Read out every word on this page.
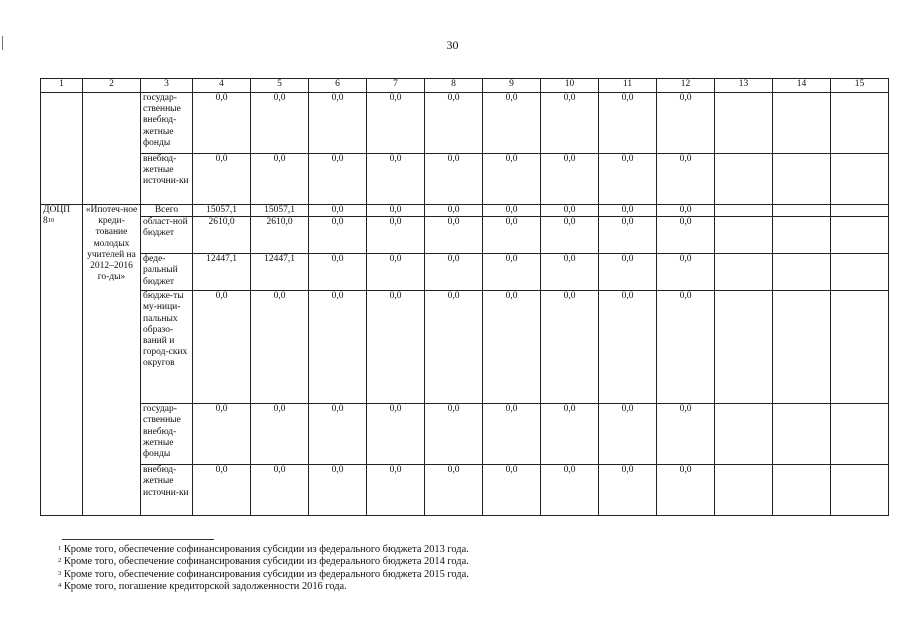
30
1	2	3	4	5	6	7	8	9	10	11	12	13	14	15
		государ-ственные внебюд-жетные фонды	0,0	0,0	0,0	0,0	0,0	0,0	0,0	0,0	0,0			
		внебюд-жетные источни-ки	0,0	0,0	0,0	0,0	0,0	0,0	0,0	0,0	0,0			
ДОЦП $8^{10}$	«Ипотеч-ное креди-тование молодых учителей на 2012–2016 го-ды»	Всего	15057,1	15057,1	0,0	0,0	0,0	0,0	0,0	0,0	0,0			
		област-ной бюджет	2610,0	2610,0	0,0	0,0	0,0	0,0	0,0	0,0	0,0			
		феде-ральный бюджет	12447,1	12447,1	0,0	0,0	0,0	0,0	0,0	0,0	0,0			
		бюдже-ты му-ници-пальных образо-ваний и город-ских округов	0,0	0,0	0,0	0,0	0,0	0,0	0,0	0,0	0,0			
		государ-ственные внебюд-жетные фонды	0,0	0,0	0,0	0,0	0,0	0,0	0,0	0,0	0,0			
		внебюд-жетные источни-ки	0,0	0,0	0,0	0,0	0,0	0,0	0,0	0,0	0,0			
$^1$ Кроме того, обеспечение софинансирования субсидии из федерального бюджета 2013 года.
$^2$ Кроме того, обеспечение софинансирования субсидии из федерального бюджета 2014 года.
$^3$ Кроме того, обеспечение софинансирования субсидии из федерального бюджета 2015 года.
$^4$ Кроме того, погашение кредиторской задолженности 2016 года.
